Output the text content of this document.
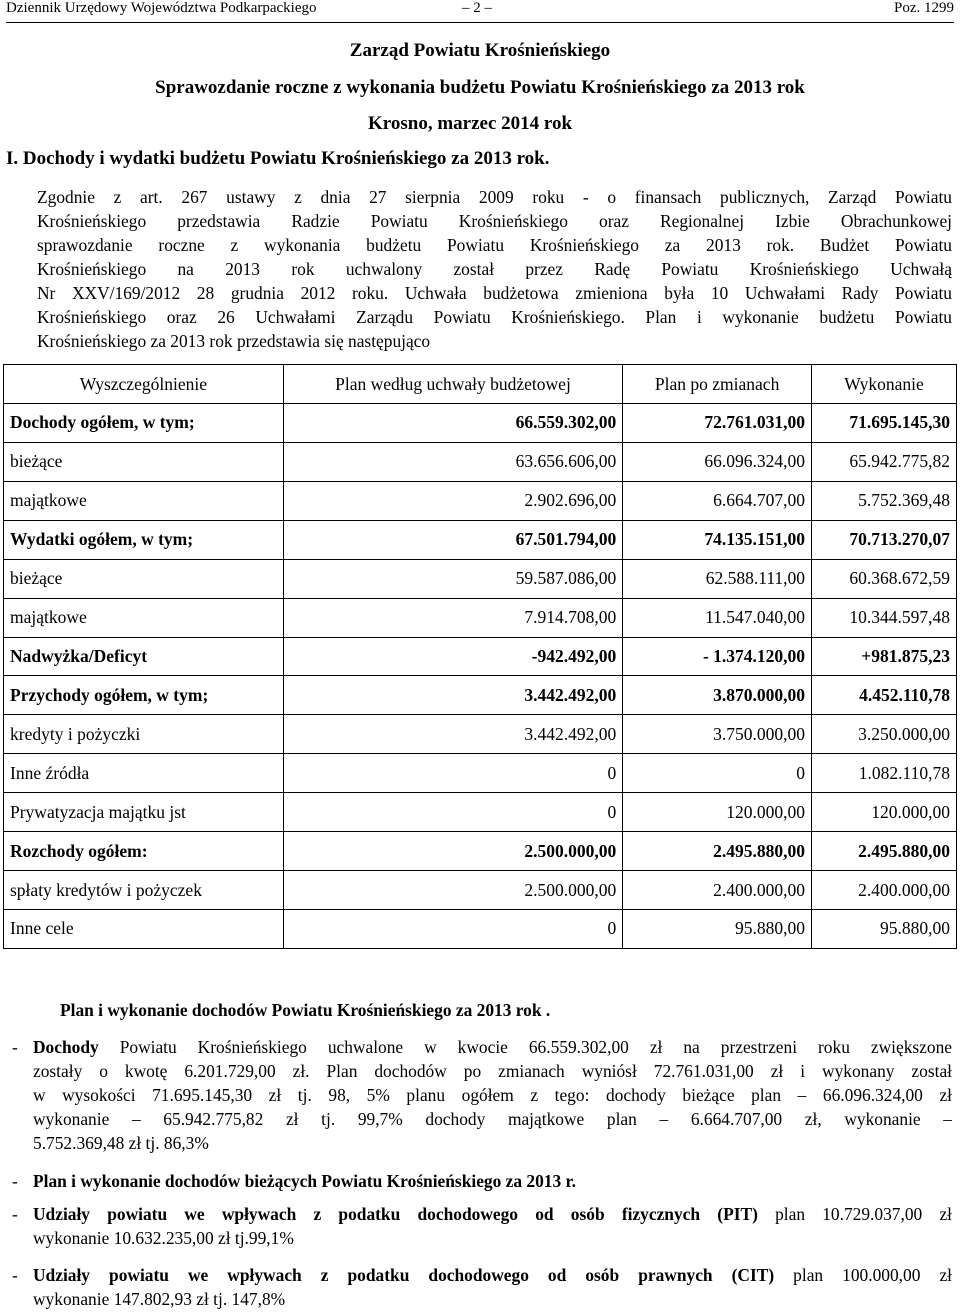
Dziennik Urzędowy Województwa Podkarpackiego	– 2 –	Poz. 1299
Zarząd Powiatu Krośnieńskiego
Sprawozdanie roczne z wykonania budżetu Powiatu Krośnieńskiego za 2013 rok
Krosno, marzec 2014 rok
I. Dochody i wydatki budżetu Powiatu Krośnieńskiego za 2013 rok.

Zgodnie z art. 267 ustawy z dnia 27 sierpnia 2009 roku - o finansach publicznych, Zarząd Powiatu

Krośnieńskiego przedstawia Radzie Powiatu Krośnieńskiego oraz Regionalnej Izbie Obrachunkowej

sprawozdanie roczne z wykonania budżetu Powiatu Krośnieńskiego za 2013 rok. Budżet Powiatu

Krośnieńskiego na 2013 rok uchwalony został przez Radę Powiatu Krośnieńskiego Uchwałą

Nr XXV/169/2012 28 grudnia 2012 roku. Uchwała budżetowa zmieniona była 10 Uchwałami Rady Powiatu

Krośnieńskiego oraz 26 Uchwałami Zarządu Powiatu Krośnieńskiego. Plan i wykonanie budżetu Powiatu

Krośnieńskiego za 2013 rok przedstawia się następująco

Wyszczególnienie	Plan według uchwały budżetowej	Plan po zmianach	Wykonanie
Dochody ogółem, w tym;	66.559.302,00	72.761.031,00	71.695.145,30
bieżące	63.656.606,00	66.096.324,00	65.942.775,82
majątkowe	2.902.696,00	6.664.707,00	5.752.369,48
Wydatki ogółem, w tym;	67.501.794,00	74.135.151,00	70.713.270,07
bieżące	59.587.086,00	62.588.111,00	60.368.672,59
majątkowe	7.914.708,00	11.547.040,00	10.344.597,48
Nadwyżka/Deficyt	-942.492,00	- 1.374.120,00	+981.875,23
Przychody ogółem, w tym;	3.442.492,00	3.870.000,00	4.452.110,78
kredyty i pożyczki	3.442.492,00	3.750.000,00	3.250.000,00
Inne źródła	0	0	1.082.110,78
Prywatyzacja majątku jst	0	120.000,00	120.000,00
Rozchody ogółem:	2.500.000,00	2.495.880,00	2.495.880,00
spłaty kredytów i pożyczek	2.500.000,00	2.400.000,00	2.400.000,00
Inne cele	0	95.880,00	95.880,00
Plan i wykonanie dochodów Powiatu Krośnieńskiego za 2013 rok .
- Dochody Powiatu Krośnieńskiego uchwalone w kwocie 66.559.302,00 zł na przestrzeni roku zwiększone

zostały o kwotę 6.201.729,00 zł. Plan dochodów po zmianach wyniósł 72.761.031,00 zł i wykonany został

w wysokości 71.695.145,30 zł tj. 98, 5% planu ogółem z tego: dochody bieżące plan – 66.096.324,00 zł

wykonanie – 65.942.775,82 zł tj. 99,7% dochody majątkowe plan – 6.664.707,00 zł, wykonanie –

5.752.369,48 zł tj. 86,3%

- Plan i wykonanie dochodów bieżących Powiatu Krośnieńskiego za 2013 r.

- Udziały powiatu we wpływach z podatku dochodowego od osób fizycznych (PIT) plan 10.729.037,00 zł

wykonanie 10.632.235,00 zł tj.99,1%

- Udziały powiatu we wpływach z podatku dochodowego od osób prawnych (CIT) plan 100.000,00 zł

wykonanie 147.802,93 zł tj. 147,8%
